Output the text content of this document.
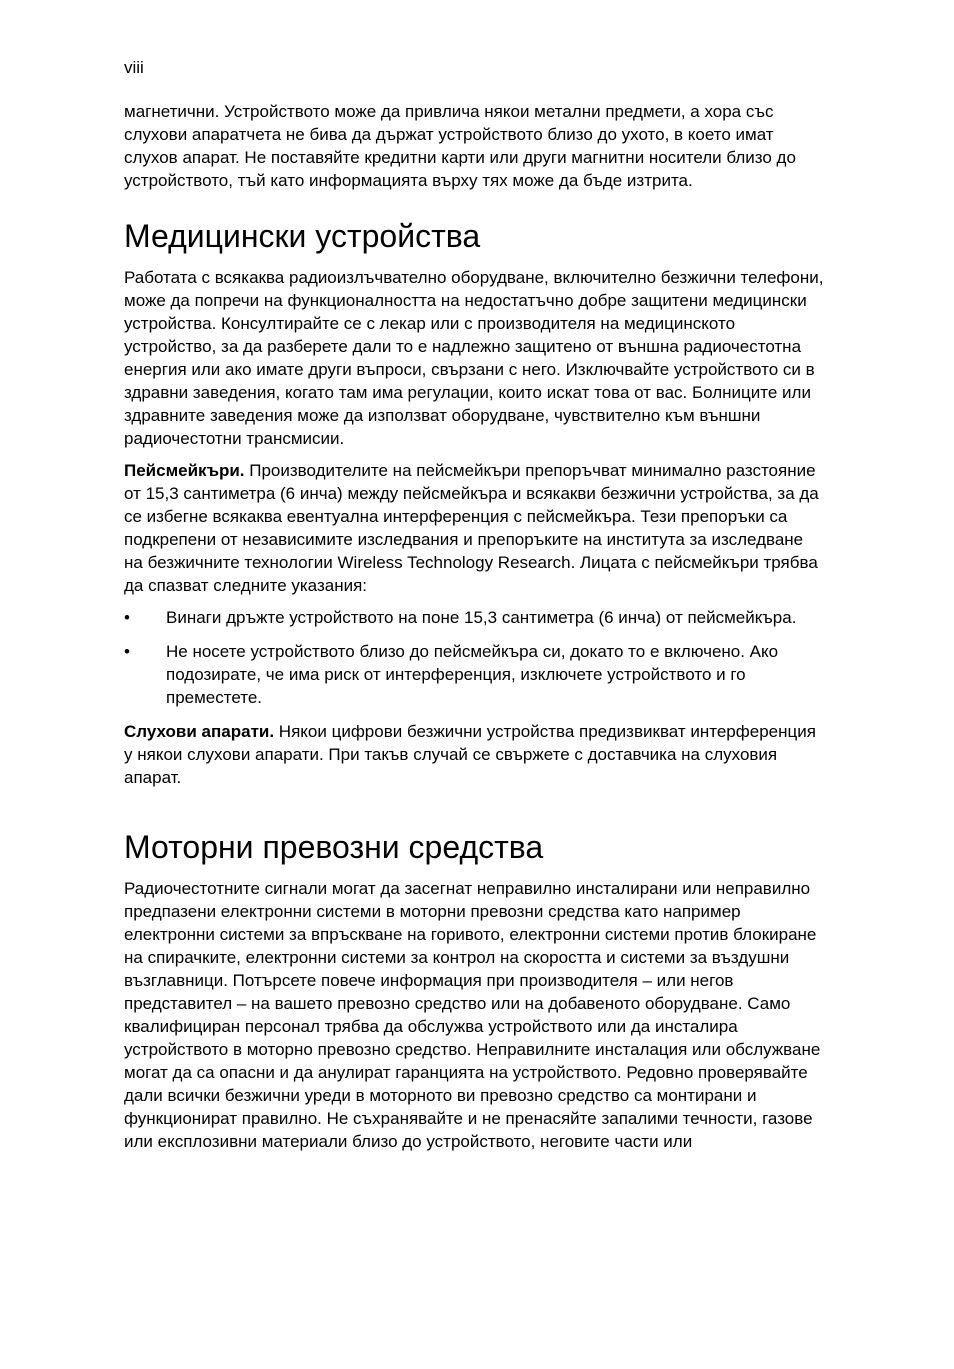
viii

магнетични. Устройството може да привлича някои метални предмети, а хора със слухови апаратчета не бива да държат устройството близо до ухото, в което имат слухов апарат. Не поставяйте кредитни карти или други магнитни носители близо до устройството, тъй като информацията върху тях може да бъде изтрита.

Медицински устройства

Работата с всякаква радиоизлъчвателно оборудване, включително безжични телефони, може да попречи на функционалността на недостатъчно добре защитени медицински устройства. Консултирайте се с лекар или с производителя на медицинското устройство, за да разберете дали то е надлежно защитено от външна радиочестотна енергия или ако имате други въпроси, свързани с него. Изключвайте устройството си в здравни заведения, когато там има регулации, които искат това от вас. Болниците или здравните заведения може да използват оборудване, чувствително към външни радиочестотни трансмисии.

Пейсмейкъри. Производителите на пейсмейкъри препоръчват минимално разстояние от 15,3 сантиметра (6 инча) между пейсмейкъра и всякакви безжични устройства, за да се избегне всякаква евентуална интерференция с пейсмейкъра. Тези препоръки са подкрепени от независимите изследвания и препоръките на института за изследване на безжичните технологии Wireless Technology Research. Лицата с пейсмейкъри трябва да спазват следните указания:

• Винаги дръжте устройството на поне 15,3 сантиметра (6 инча) от пейсмейкъра.
• Не носете устройството близо до пейсмейкъра си, докато то е включено. Ако подозирате, че има риск от интерференция, изключете устройството и го преместете.

Слухови апарати. Някои цифрови безжични устройства предизвикват интерференция у някои слухови апарати. При такъв случай се свържете с доставчика на слуховия апарат.

Моторни превозни средства

Радиочестотните сигнали могат да засегнат неправилно инсталирани или неправилно предпазени електронни системи в моторни превозни средства като например електронни системи за впръскване на горивото, електронни системи против блокиране на спирачките, електронни системи за контрол на скоростта и системи за въздушни възглавници. Потърсете повече информация при производителя – или негов представител – на вашето превозно средство или на добавеното оборудване. Само квалифициран персонал трябва да обслужва устройството или да инсталира устройството в моторно превозно средство. Неправилните инсталация или обслужване могат да са опасни и да анулират гаранцията на устройството. Редовно проверявайте дали всички безжични уреди в моторното ви превозно средство са монтирани и функционират правилно. Не съхранявайте и не пренасяйте запалими течности, газове или експлозивни материали близо до устройството, неговите части или
